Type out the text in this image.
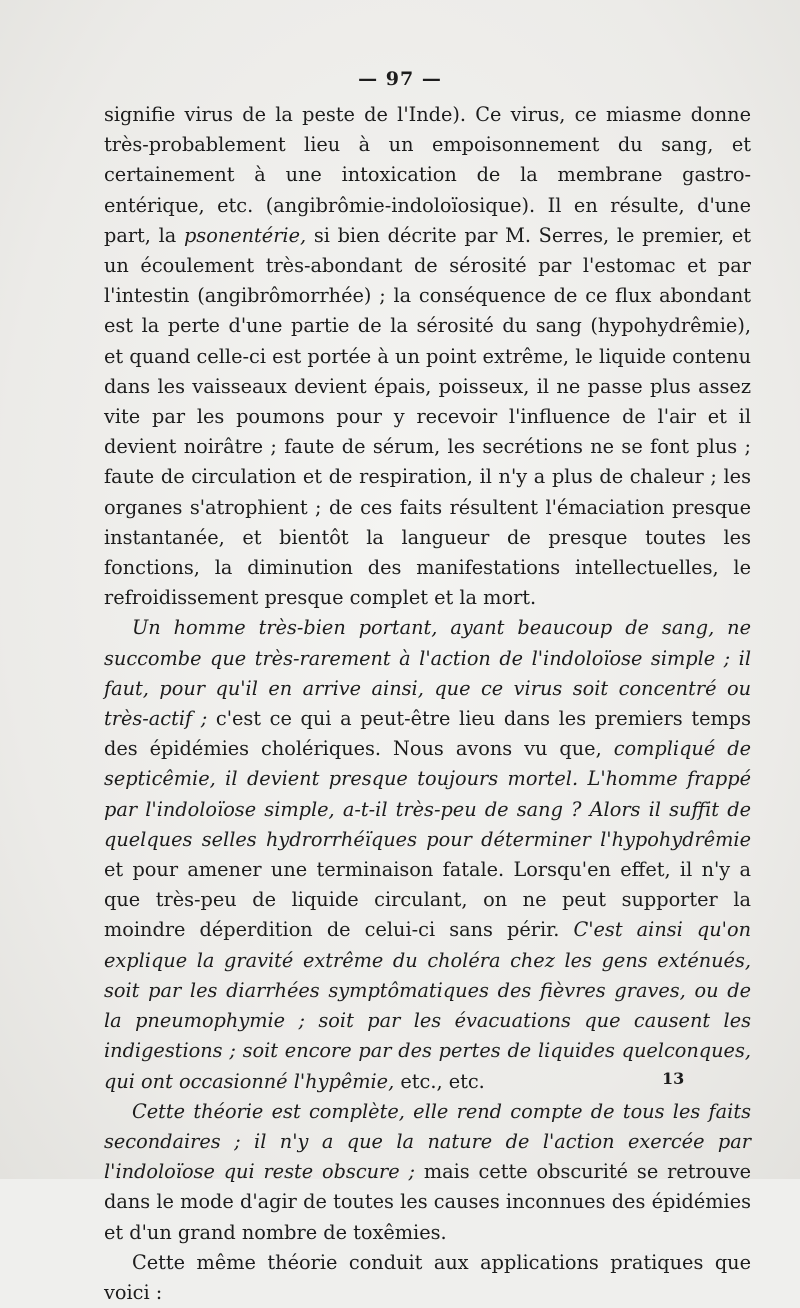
— 97 —

signifie virus de la peste de l'Inde). Ce virus, ce miasme donne très-probablement lieu à un empoisonnement du sang, et certainement à une intoxication de la membrane gastro-entérique, etc. (angibrômie-indoloïosique). Il en résulte, d'une part, la psonentérie, si bien décrite par M. Serres, le premier, et un écoulement très-abondant de sérosité par l'estomac et par l'intestin (angibrômorrhée) ; la conséquence de ce flux abondant est la perte d'une partie de la sérosité du sang (hypohydrêmie), et quand celle-ci est portée à un point extrême, le liquide contenu dans les vaisseaux devient épais, poisseux, il ne passe plus assez vite par les poumons pour y recevoir l'influence de l'air et il devient noirâtre ; faute de sérum, les secrétions ne se font plus ; faute de circulation et de respiration, il n'y a plus de chaleur ; les organes s'atrophient ; de ces faits résultent l'émaciation presque instantanée, et bientôt la langueur de presque toutes les fonctions, la diminution des manifestations intellectuelles, le refroidissement presque complet et la mort.

Un homme très-bien portant, ayant beaucoup de sang, ne succombe que très-rarement à l'action de l'indoloïose simple ; il faut, pour qu'il en arrive ainsi, que ce virus soit concentré ou très-actif ; c'est ce qui a peut-être lieu dans les premiers temps des épidémies cholériques. Nous avons vu que, compliqué de septicêmie, il devient presque toujours mortel. L'homme frappé par l'indoloïose simple, a-t-il très-peu de sang ? Alors il suffit de quelques selles hydrorrhéïques pour déterminer l'hypohydrêmie et pour amener une terminaison fatale. Lorsqu'en effet, il n'y a que très-peu de liquide circulant, on ne peut supporter la moindre déperdition de celui-ci sans périr. C'est ainsi qu'on explique la gravité extrême du choléra chez les gens exténués, soit par les diarrhées symptômatiques des fièvres graves, ou de la pneumophymie ; soit par les évacuations que causent les indigestions ; soit encore par des pertes de liquides quelconques, qui ont occasionné l'hypêmie, etc., etc.

Cette théorie est complète, elle rend compte de tous les faits secondaires ; il n'y a que la nature de l'action exercée par l'indoloïose qui reste obscure ; mais cette obscurité se retrouve dans le mode d'agir de toutes les causes inconnues des épidémies et d'un grand nombre de toxêmies.

Cette même théorie conduit aux applications pratiques que voici :

13
